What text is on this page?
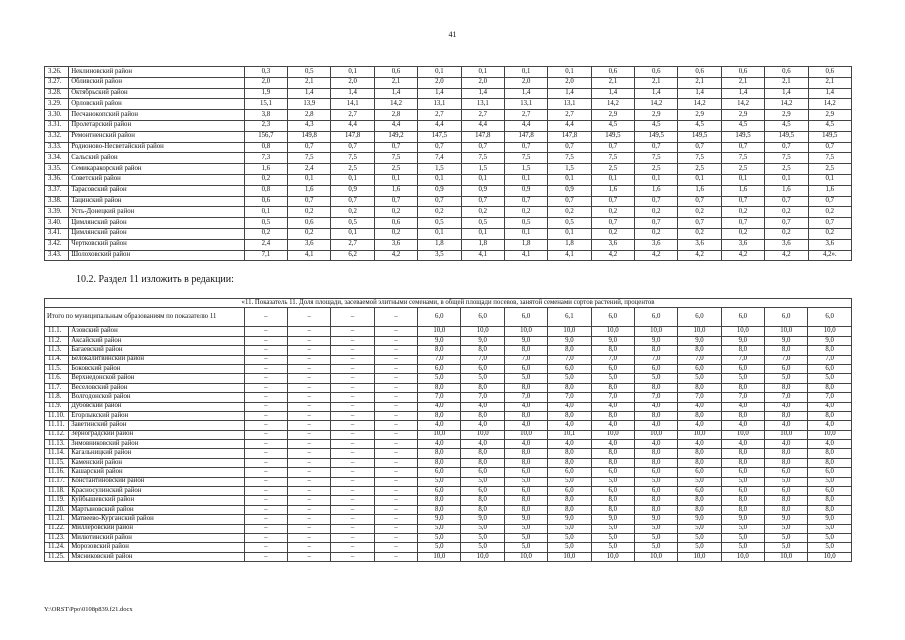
41
3.26.	Неклиновский район	0,3	0,5	0,1	0,6	0,1	0,1	0,1	0,1	0,6	0,6	0,6	0,6	0,6	0,6
3.27.	Обливский район	2,0	2,1	2,0	2,1	2,0	2,0	2,0	2,0	2,1	2,1	2,1	2,1	2,1	2,1
3.28.	Октябрьский район	1,9	1,4	1,4	1,4	1,4	1,4	1,4	1,4	1,4	1,4	1,4	1,4	1,4	1,4
3.29.	Орловский район	15,1	13,9	14,1	14,2	13,1	13,1	13,1	13,1	14,2	14,2	14,2	14,2	14,2	14,2
3.30.	Песчанокопский район	3,8	2,8	2,7	2,8	2,7	2,7	2,7	2,7	2,9	2,9	2,9	2,9	2,9	2,9
3.31.	Пролетарский район	2,3	4,3	4,4	4,4	4,4	4,4	4,4	4,4	4,5	4,5	4,5	4,5	4,5	4,5
3.32.	Ремонтненский район	156,7	149,8	147,8	149,2	147,5	147,8	147,8	147,8	149,5	149,5	149,5	149,5	149,5	149,5
3.33.	Родионово-Несветайский район	0,8	0,7	0,7	0,7	0,7	0,7	0,7	0,7	0,7	0,7	0,7	0,7	0,7	0,7
3.34.	Сальский район	7,3	7,5	7,5	7,5	7,4	7,5	7,5	7,5	7,5	7,5	7,5	7,5	7,5	7,5
3.35.	Семикаракорский район	1,6	2,4	2,5	2,5	1,5	1,5	1,5	1,5	2,5	2,5	2,5	2,5	2,5	2,5
3.36.	Советский район	0,2	0,1	0,1	0,1	0,1	0,1	0,1	0,1	0,1	0,1	0,1	0,1	0,1	0,1
3.37.	Тарасовский район	0,8	1,6	0,9	1,6	0,9	0,9	0,9	0,9	1,6	1,6	1,6	1,6	1,6	1,6
3.38.	Тацинский район	0,6	0,7	0,7	0,7	0,7	0,7	0,7	0,7	0,7	0,7	0,7	0,7	0,7	0,7
3.39.	Усть-Донецкий район	0,1	0,2	0,2	0,2	0,2	0,2	0,2	0,2	0,2	0,2	0,2	0,2	0,2	0,2
3.40.	Цимлянский район	0,5	0,6	0,5	0,6	0,5	0,5	0,5	0,5	0,7	0,7	0,7	0,7	0,7	0,7
3.41.	Цимлянский район	0,2	0,2	0,1	0,2	0,1	0,1	0,1	0,1	0,2	0,2	0,2	0,2	0,2	0,2
3.42.	Чертковский район	2,4	3,6	2,7	3,6	1,8	1,8	1,8	1,8	3,6	3,6	3,6	3,6	3,6	3,6
3.43.	Шолоховский район	7,1	4,1	6,2	4,2	3,5	4,1	4,1	4,1	4,2	4,2	4,2	4,2	4,2	4,2».
10.2. Раздел 11 изложить в редакции:
«11. Показатель 11. Доля площади, засеваемой элитными семенами, в общей площади посевов, занятой семенами сортов растений, процентов															
Итого по муниципальным образованиям по показателю 11		–	–	–	–	6,0	6,0	6,0	6,1	6,0	6,0	6,0	6,0	6,0	6,0
11.1.	Азовский район	–	–	–	–	10,0	10,0	10,0	10,0	10,0	10,0	10,0	10,0	10,0	10,0
11.2.	Аксайский район	–	–	–	–	9,0	9,0	9,0	9,0	9,0	9,0	9,0	9,0	9,0	9,0
11.3.	Багаевский район	–	–	–	–	8,0	8,0	8,0	8,0	8,0	8,0	8,0	8,0	8,0	8,0
11.4.	Белокалитвинский район	–	–	–	–	7,0	7,0	7,0	7,0	7,0	7,0	7,0	7,0	7,0	7,0
11.5.	Боковский район	–	–	–	–	6,0	6,0	6,0	6,0	6,0	6,0	6,0	6,0	6,0	6,0
11.6.	Верхнедонской район	–	–	–	–	5,0	5,0	5,0	5,0	5,0	5,0	5,0	5,0	5,0	5,0
11.7.	Веселовский район	–	–	–	–	8,0	8,0	8,0	8,0	8,0	8,0	8,0	8,0	8,0	8,0
11.8.	Волгодонской район	–	–	–	–	7,0	7,0	7,0	7,0	7,0	7,0	7,0	7,0	7,0	7,0
11.9.	Дубовский район	–	–	–	–	4,0	4,0	4,0	4,0	4,0	4,0	4,0	4,0	4,0	4,0
11.10.	Егорлыкский район	–	–	–	–	8,0	8,0	8,0	8,0	8,0	8,0	8,0	8,0	8,0	8,0
11.11.	Заветинский район	–	–	–	–	4,0	4,0	4,0	4,0	4,0	4,0	4,0	4,0	4,0	4,0
11.12.	Зерноградский район	–	–	–	–	10,0	10,0	10,0	10,1	10,0	10,0	10,0	10,0	10,0	10,0
11.13.	Зимовниковский район	–	–	–	–	4,0	4,0	4,0	4,0	4,0	4,0	4,0	4,0	4,0	4,0
11.14.	Кагальницкий район	–	–	–	–	8,0	8,0	8,0	8,0	8,0	8,0	8,0	8,0	8,0	8,0
11.15.	Каменский район	–	–	–	–	8,0	8,0	8,0	8,0	8,0	8,0	8,0	8,0	8,0	8,0
11.16.	Кашарский район	–	–	–	–	6,0	6,0	6,0	6,0	6,0	6,0	6,0	6,0	6,0	6,0
11.17.	Константиновский район	–	–	–	–	5,0	5,0	5,0	5,0	5,0	5,0	5,0	5,0	5,0	5,0
11.18.	Красносулинский район	–	–	–	–	6,0	6,0	6,0	6,0	6,0	6,0	6,0	6,0	6,0	6,0
11.19.	Куйбышевский район	–	–	–	–	8,0	8,0	8,0	8,0	8,0	8,0	8,0	8,0	8,0	8,0
11.20.	Мартыновский район	–	–	–	–	8,0	8,0	8,0	8,0	8,0	8,0	8,0	8,0	8,0	8,0
11.21.	Матвеево-Курганский район	–	–	–	–	9,0	9,0	9,0	9,0	9,0	9,0	9,0	9,0	9,0	9,0
11.22.	Миллеровский район	–	–	–	–	5,0	5,0	5,0	5,0	5,0	5,0	5,0	5,0	5,0	5,0
11.23.	Милютинский район	–	–	–	–	5,0	5,0	5,0	5,0	5,0	5,0	5,0	5,0	5,0	5,0
11.24.	Морозовский район	–	–	–	–	5,0	5,0	5,0	5,0	5,0	5,0	5,0	5,0	5,0	5,0
11.25.	Мясниковский район	–	–	–	–	10,0	10,0	10,0	10,0	10,0	10,0	10,0	10,0	10,0	10,0
Y:\ORST\Ppo\0108p839.f21.docx
